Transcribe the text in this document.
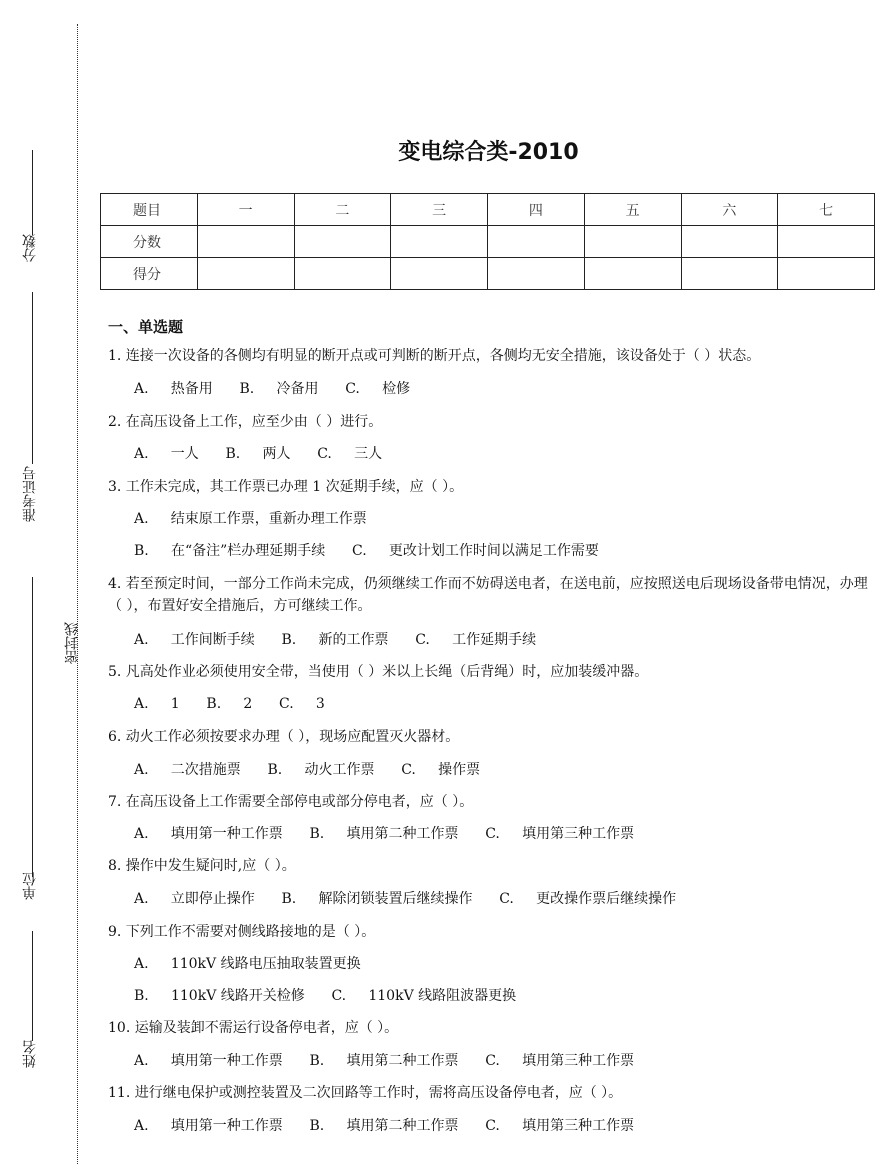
分数
准考证号
密封线
单位
姓名
变电综合类-2010
题目	一	二	三	四	五	六	七
分数							
得分							
一、单选题
1. 连接一次设备的各侧均有明显的断开点或可判断的断开点，各侧均无安全措施，该设备处于（ ）状态。
A.     热备用      B.     冷备用      C.     检修
2. 在高压设备上工作，应至少由（ ）进行。
A.     一人      B.     两人      C.     三人
3. 工作未完成，其工作票已办理 1 次延期手续，应（ ）。
A.     结束原工作票，重新办理工作票
B.     在“备注”栏办理延期手续      C.     更改计划工作时间以满足工作需要
4. 若至预定时间，一部分工作尚未完成，仍须继续工作而不妨碍送电者，在送电前，应按照送电后现场设备带电情况，办理（ ），布置好安全措施后，方可继续工作。
A.     工作间断手续      B.     新的工作票      C.     工作延期手续
5. 凡高处作业必须使用安全带，当使用（ ）米以上长绳（后背绳）时，应加装缓冲器。
A.     1      B.     2      C.     3
6. 动火工作必须按要求办理（ ），现场应配置灭火器材。
A.     二次措施票      B.     动火工作票      C.     操作票
7. 在高压设备上工作需要全部停电或部分停电者，应（ ）。
A.     填用第一种工作票      B.     填用第二种工作票      C.     填用第三种工作票
8. 操作中发生疑问时,应（ ）。
A.     立即停止操作      B.     解除闭锁装置后继续操作      C.     更改操作票后继续操作
9. 下列工作不需要对侧线路接地的是（ ）。
A.     110kV 线路电压抽取装置更换
B.     110kV 线路开关检修      C.     110kV 线路阻波器更换
10. 运输及装卸不需运行设备停电者，应（ ）。
A.     填用第一种工作票      B.     填用第二种工作票      C.     填用第三种工作票
11. 进行继电保护或测控装置及二次回路等工作时，需将高压设备停电者，应（ ）。
A.     填用第一种工作票      B.     填用第二种工作票      C.     填用第三种工作票
